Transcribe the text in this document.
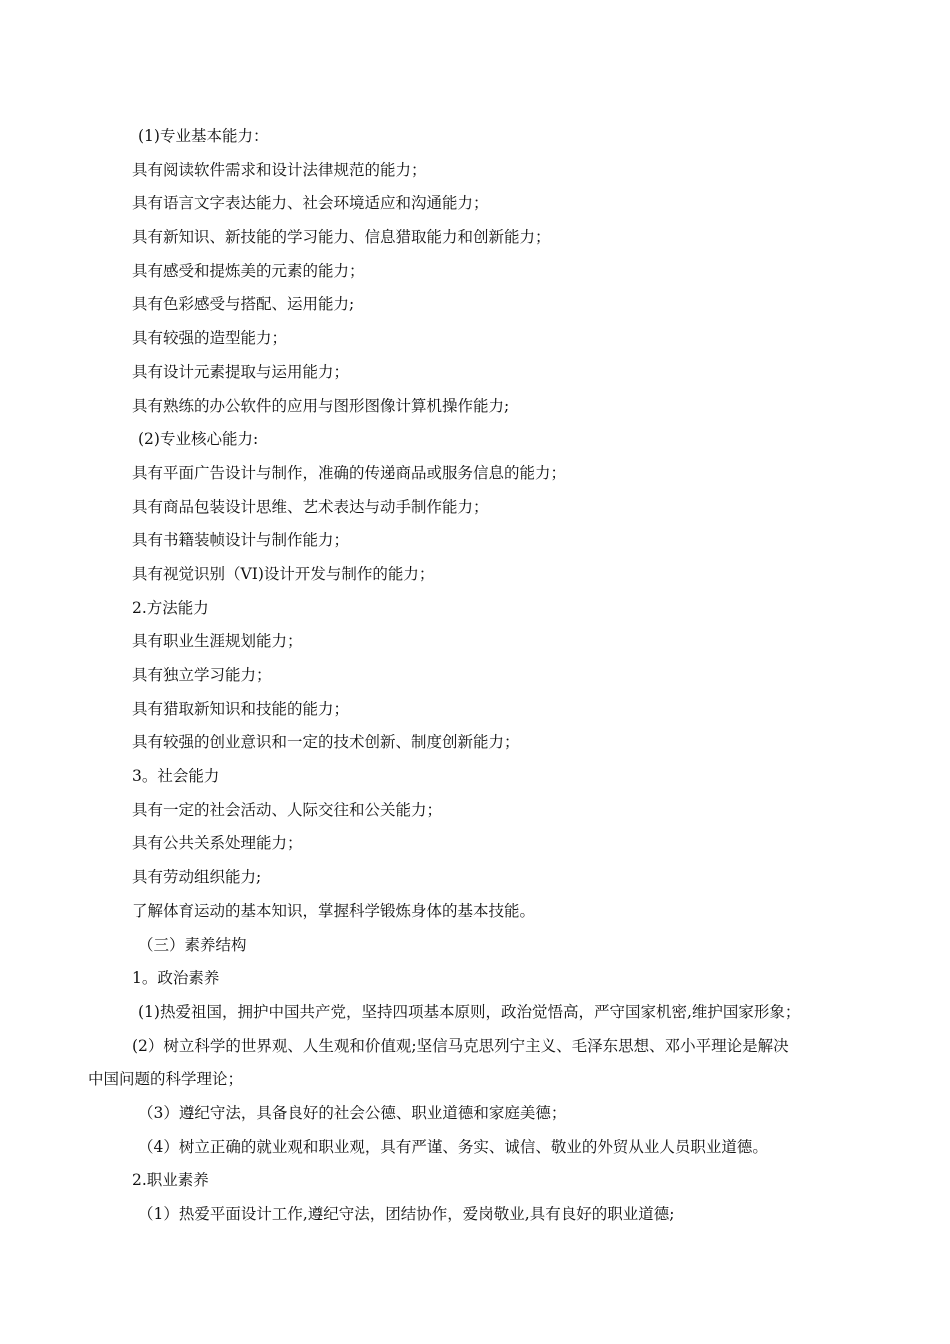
(1)专业基本能力：
具有阅读软件需求和设计法律规范的能力；
具有语言文字表达能力、社会环境适应和沟通能力；
具有新知识、新技能的学习能力、信息猎取能力和创新能力；
具有感受和提炼美的元素的能力；
具有色彩感受与搭配、运用能力;
具有较强的造型能力；
具有设计元素提取与运用能力；
具有熟练的办公软件的应用与图形图像计算机操作能力;
(2)专业核心能力:
具有平面广告设计与制作，准确的传递商品或服务信息的能力；
具有商品包装设计思维、艺术表达与动手制作能力；
具有书籍装帧设计与制作能力；
具有视觉识别（VI)设计开发与制作的能力；
2.方法能力
具有职业生涯规划能力；
具有独立学习能力；
具有猎取新知识和技能的能力；
具有较强的创业意识和一定的技术创新、制度创新能力；
3。社会能力
具有一定的社会活动、人际交往和公关能力；
具有公共关系处理能力；
具有劳动组织能力;
了解体育运动的基本知识，掌握科学锻炼身体的基本技能。
（三）素养结构
1。政治素养
(1)热爱祖国，拥护中国共产党，坚持四项基本原则，政治觉悟高，严守国家机密,维护国家形象；
(2）树立科学的世界观、人生观和价值观;坚信马克思列宁主义、毛泽东思想、邓小平理论是解决
中国问题的科学理论；
（3）遵纪守法，具备良好的社会公德、职业道德和家庭美德；
（4）树立正确的就业观和职业观，具有严谨、务实、诚信、敬业的外贸从业人员职业道德。
2.职业素养
（1）热爱平面设计工作,遵纪守法，团结协作，爱岗敬业,具有良好的职业道德;
